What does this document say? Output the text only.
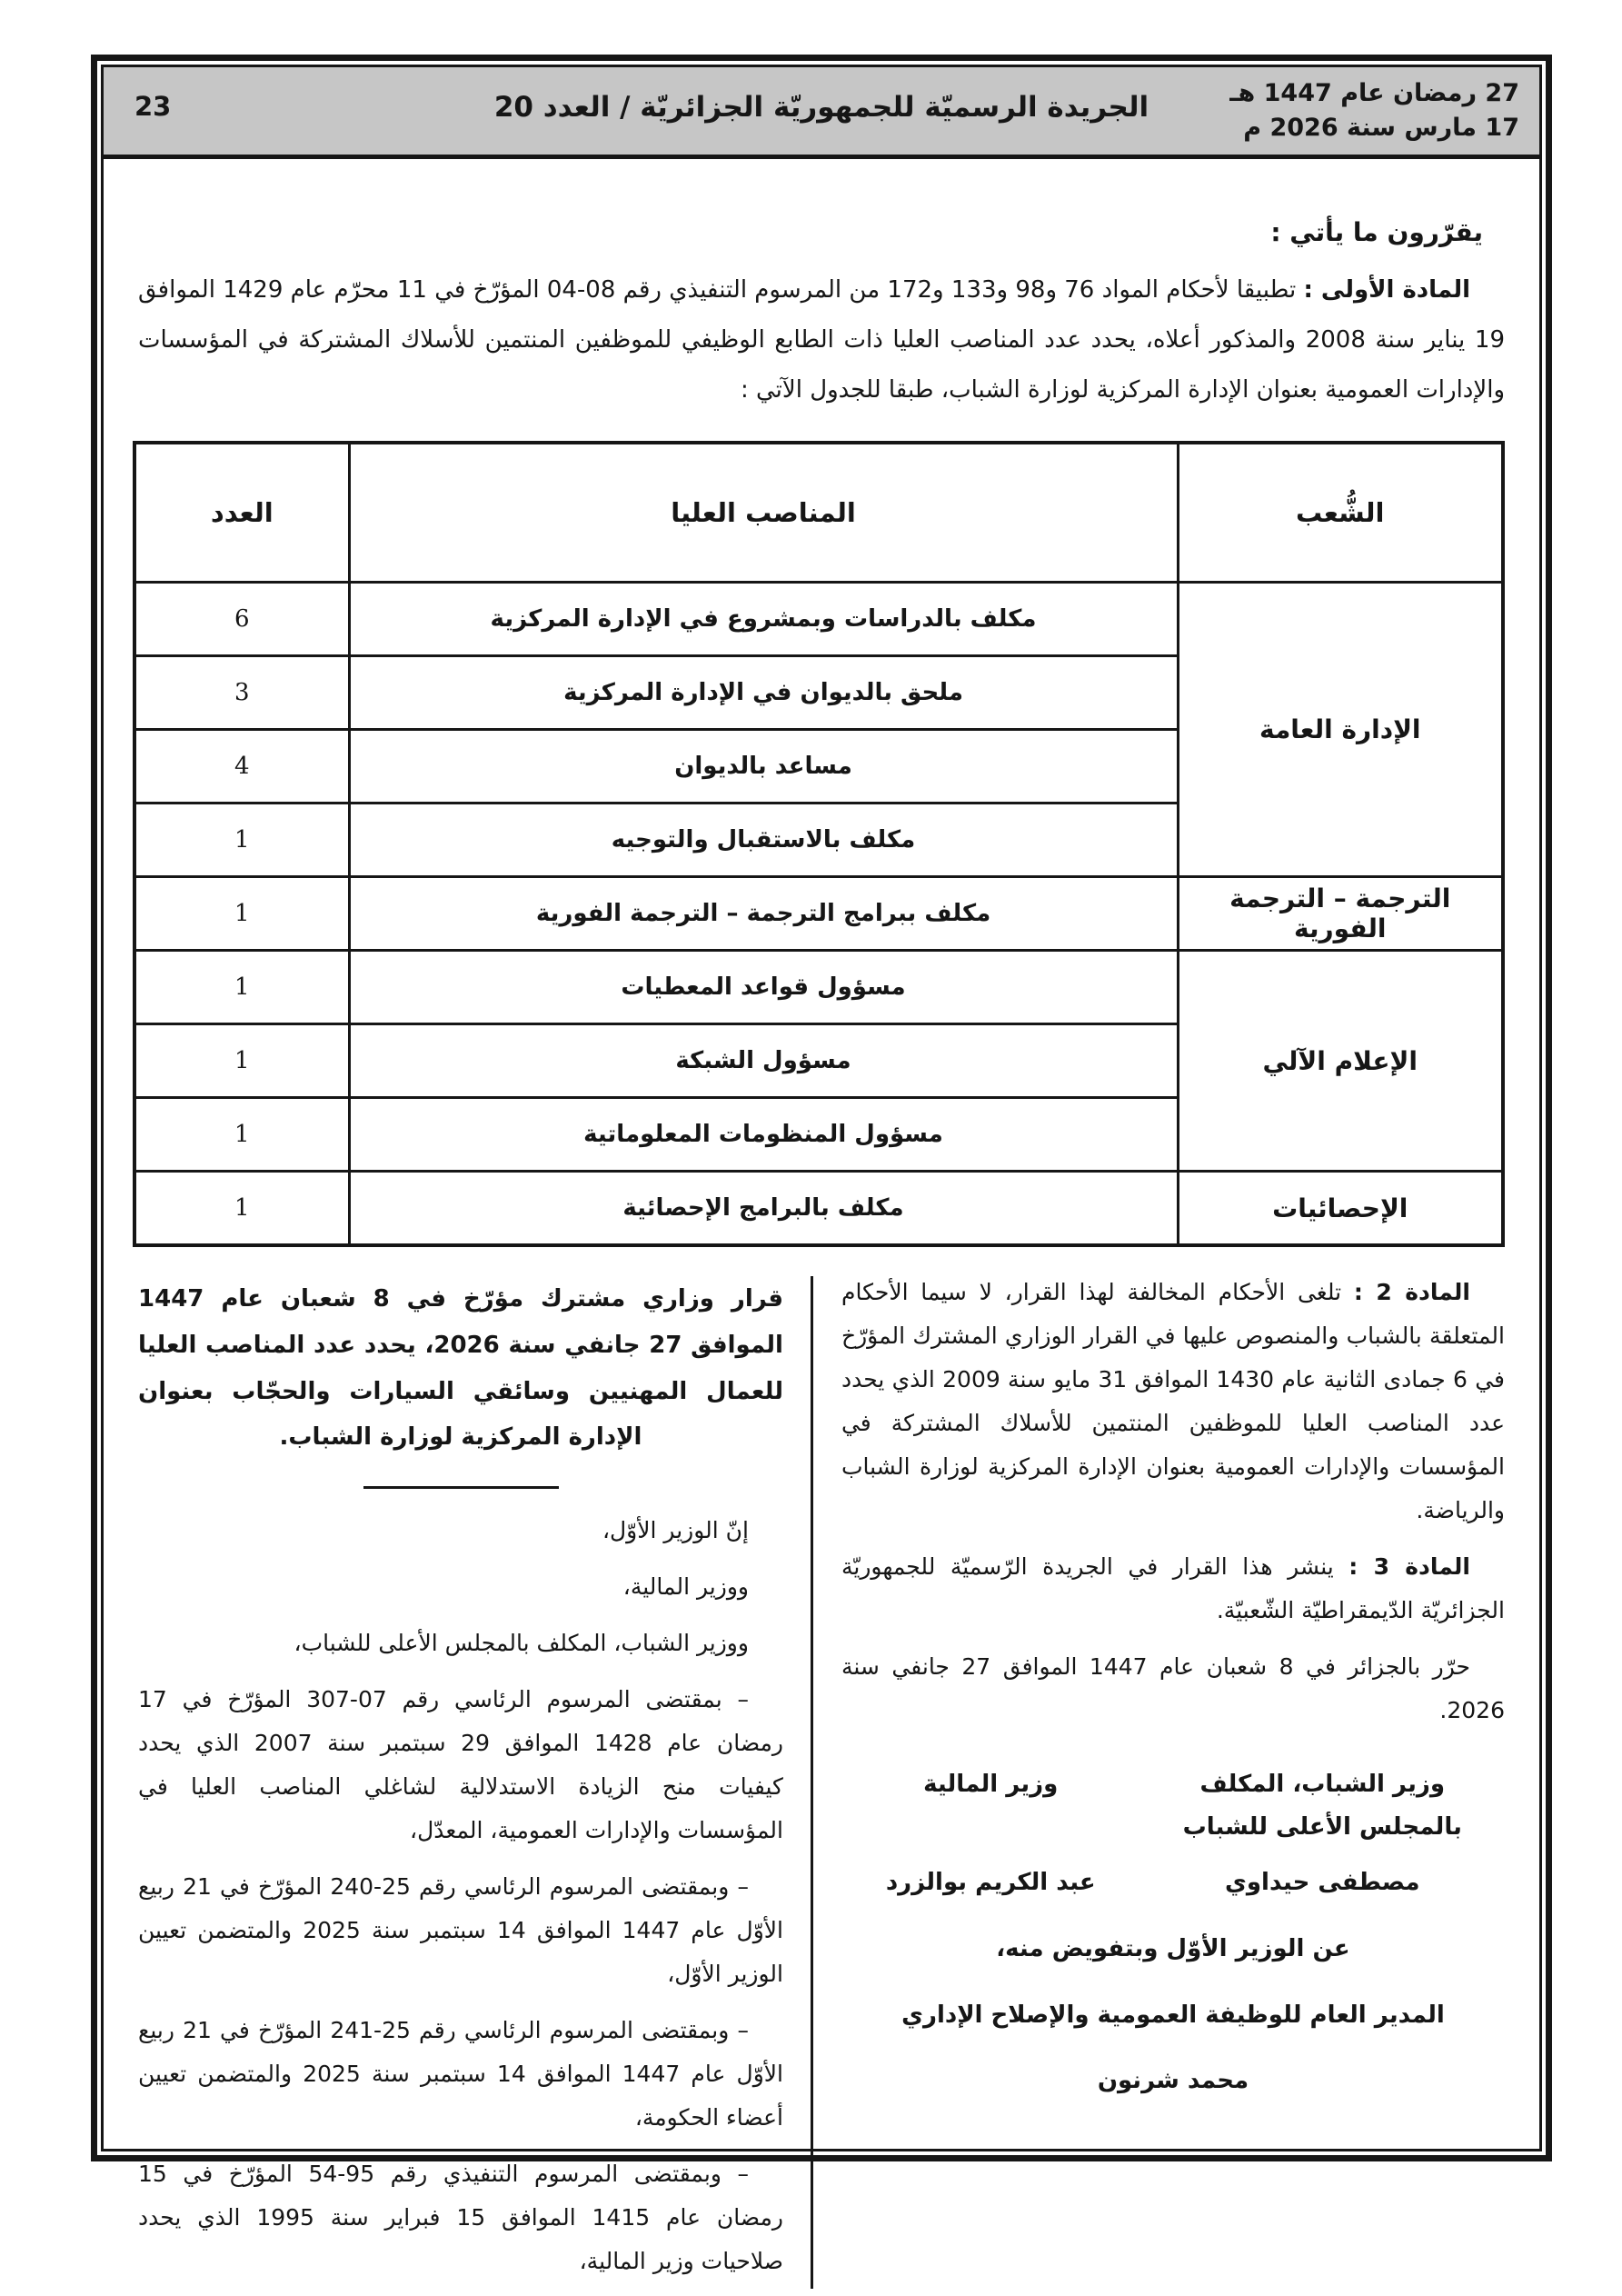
23	الجريدة الرسميّة للجمهوريّة الجزائريّة / العدد 20	27 رمضان عام 1447 هـ
17 مارس سنة 2026 م
يقرّرون ما يأتي :

المادة الأولى : تطبيقا لأحكام المواد 76 و98 و133 و172 من المرسوم التنفيذي رقم 08-04 المؤرّخ في 11 محرّم عام 1429 الموافق 19 يناير سنة 2008 والمذكور أعلاه، يحدد عدد المناصب العليا ذات الطابع الوظيفي للموظفين المنتمين للأسلاك المشتركة في المؤسسات والإدارات العمومية بعنوان الإدارة المركزية لوزارة الشباب، طبقا للجدول الآتي :

الشُّعب	المناصب العليا	العدد
الإدارة العامة	مكلف بالدراسات وبمشروع في الإدارة المركزية	6
	ملحق بالديوان في الإدارة المركزية	3
	مساعد بالديوان	4
	مكلف بالاستقبال والتوجيه	1
الترجمة – الترجمة الفورية	مكلف ببرامج الترجمة – الترجمة الفورية	1
الإعلام الآلي	مسؤول قواعد المعطيات	1
	مسؤول الشبكة	1
	مسؤول المنظومات المعلوماتية	1
الإحصائيات	مكلف بالبرامج الإحصائية	1

المادة 2 : تلغى الأحكام المخالفة لهذا القرار، لا سيما الأحكام المتعلقة بالشباب والمنصوص عليها في القرار الوزاري المشترك المؤرّخ في 6 جمادى الثانية عام 1430 الموافق 31 مايو سنة 2009 الذي يحدد عدد المناصب العليا للموظفين المنتمين للأسلاك المشتركة في المؤسسات والإدارات العمومية بعنوان الإدارة المركزية لوزارة الشباب والرياضة.

المادة 3 : ينشر هذا القرار في الجريدة الرّسميّة للجمهوريّة الجزائريّة الدّيمقراطيّة الشّعبيّة.

حرّر بالجزائر في 8 شعبان عام 1447 الموافق 27 جانفي سنة 2026.

وزير الشباب، المكلف
بالمجلس الأعلى للشباب
وزير المالية
مصطفى حيداوي
عبد الكريم بوالزرد
عن الوزير الأوّل وبتفويض منه،
المدير العام للوظيفة العمومية والإصلاح الإداري
محمد شرنون
قرار وزاري مشترك مؤرّخ في 8 شعبان عام 1447 الموافق 27 جانفي سنة 2026، يحدد عدد المناصب العليا للعمال المهنيين وسائقي السيارات والحجّاب بعنوان الإدارة المركزية لوزارة الشباب.

إنّ الوزير الأوّل،

ووزير المالية،

ووزير الشباب، المكلف بالمجلس الأعلى للشباب،

– بمقتضى المرسوم الرئاسي رقم 07-307 المؤرّخ في 17 رمضان عام 1428 الموافق 29 سبتمبر سنة 2007 الذي يحدد كيفيات منح الزيادة الاستدلالية لشاغلي المناصب العليا في المؤسسات والإدارات العمومية، المعدّل،

– وبمقتضى المرسوم الرئاسي رقم 25-240 المؤرّخ في 21 ربيع الأوّل عام 1447 الموافق 14 سبتمبر سنة 2025 والمتضمن تعيين الوزير الأوّل،

– وبمقتضى المرسوم الرئاسي رقم 25-241 المؤرّخ في 21 ربيع الأوّل عام 1447 الموافق 14 سبتمبر سنة 2025 والمتضمن تعيين أعضاء الحكومة،

– وبمقتضى المرسوم التنفيذي رقم 95-54 المؤرّخ في 15 رمضان عام 1415 الموافق 15 فبراير سنة 1995 الذي يحدد صلاحيات وزير المالية،
